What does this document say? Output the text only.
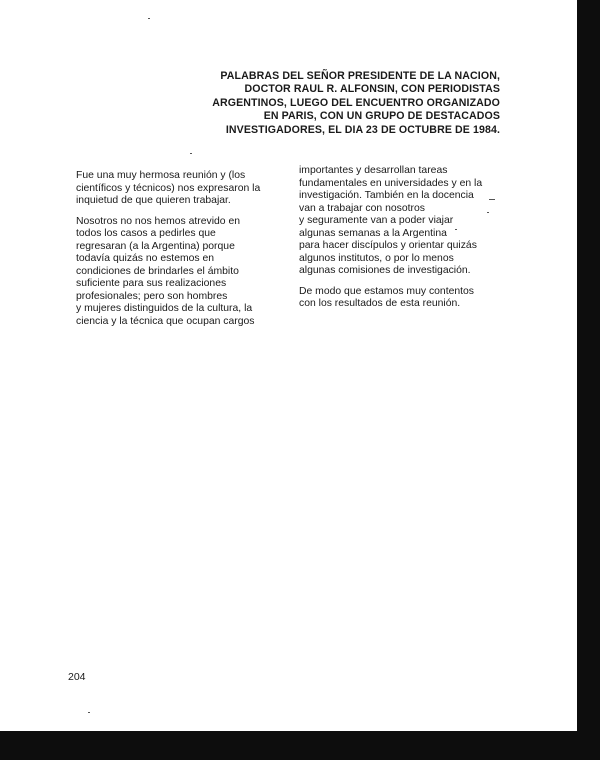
PALABRAS DEL SEÑOR PRESIDENTE DE LA NACION,
DOCTOR RAUL R. ALFONSIN, CON PERIODISTAS
ARGENTINOS, LUEGO DEL ENCUENTRO ORGANIZADO
EN PARIS, CON UN GRUPO DE DESTACADOS
INVESTIGADORES, EL DIA 23 DE OCTUBRE DE 1984.
Fue una muy hermosa reunión y (los
científicos y técnicos) nos expresaron la
inquietud de que quieren trabajar.
Nosotros no nos hemos atrevido en
todos los casos a pedirles que
regresaran (a la Argentina) porque
todavía quizás no estemos en
condiciones de brindarles el ámbito
suficiente para sus realizaciones
profesionales; pero son hombres
y mujeres distinguidos de la cultura, la
ciencia y la técnica que ocupan cargos
importantes y desarrollan tareas
fundamentales en universidades y en la
investigación. También en la docencia
van a trabajar con nosotros
y seguramente van a poder viajar
algunas semanas a la Argentina
para hacer discípulos y orientar quizás
algunos institutos, o por lo menos
algunas comisiones de investigación.
De modo que estamos muy contentos
con los resultados de esta reunión.
204
